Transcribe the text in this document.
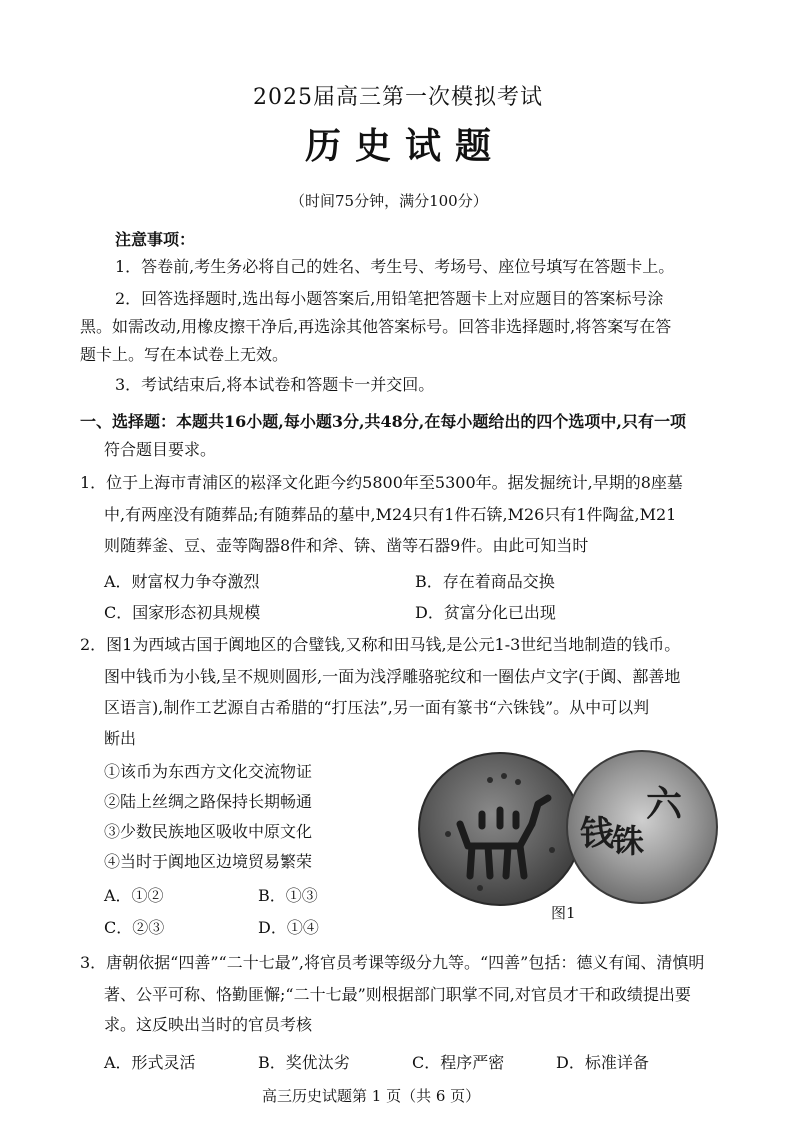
2025届高三第一次模拟考试
历史试题
（时间75分钟，满分100分）
注意事项：
1．答卷前,考生务必将自己的姓名、考生号、考场号、座位号填写在答题卡上。
2．回答选择题时,选出每小题答案后,用铅笔把答题卡上对应题目的答案标号涂
黑。如需改动,用橡皮擦干净后,再选涂其他答案标号。回答非选择题时,将答案写在答
题卡上。写在本试卷上无效。
3．考试结束后,将本试卷和答题卡一并交回。
一、选择题：本题共16小题,每小题3分,共48分,在每小题给出的四个选项中,只有一项
符合题目要求。
1．位于上海市青浦区的崧泽文化距今约5800年至5300年。据发掘统计,早期的8座墓
中,有两座没有随葬品;有随葬品的墓中,M24只有1件石锛,M26只有1件陶盆,M21
则随葬釜、豆、壶等陶器8件和斧、锛、凿等石器9件。由此可知当时
A．财富权力争夺激烈	B．存在着商品交换
C．国家形态初具规模	D．贫富分化已出现
2．图1为西域古国于阗地区的合璧钱,又称和田马钱,是公元1-3世纪当地制造的钱币。
图中钱币为小钱,呈不规则圆形,一面为浅浮雕骆驼纹和一圈佉卢文字(于阗、鄯善地
区语言),制作工艺源自古希腊的“打压法”,另一面有篆书“六铢钱”。从中可以判
断出
①该币为东西方文化交流物证
②陆上丝绸之路保持长期畅通
③少数民族地区吸收中原文化
④当时于阗地区边境贸易繁荣
A．①②	B．①③
C．②③	D．①④
六
铢
钱
图1
3．唐朝依据“四善”“二十七最”,将官员考课等级分九等。“四善”包括：德义有闻、清慎明
著、公平可称、恪勤匪懈;“二十七最”则根据部门职掌不同,对官员才干和政绩提出要
求。这反映出当时的官员考核
A．形式灵活	B．奖优汰劣	C．程序严密	D．标准详备
高三历史试题第 1 页（共 6 页）
